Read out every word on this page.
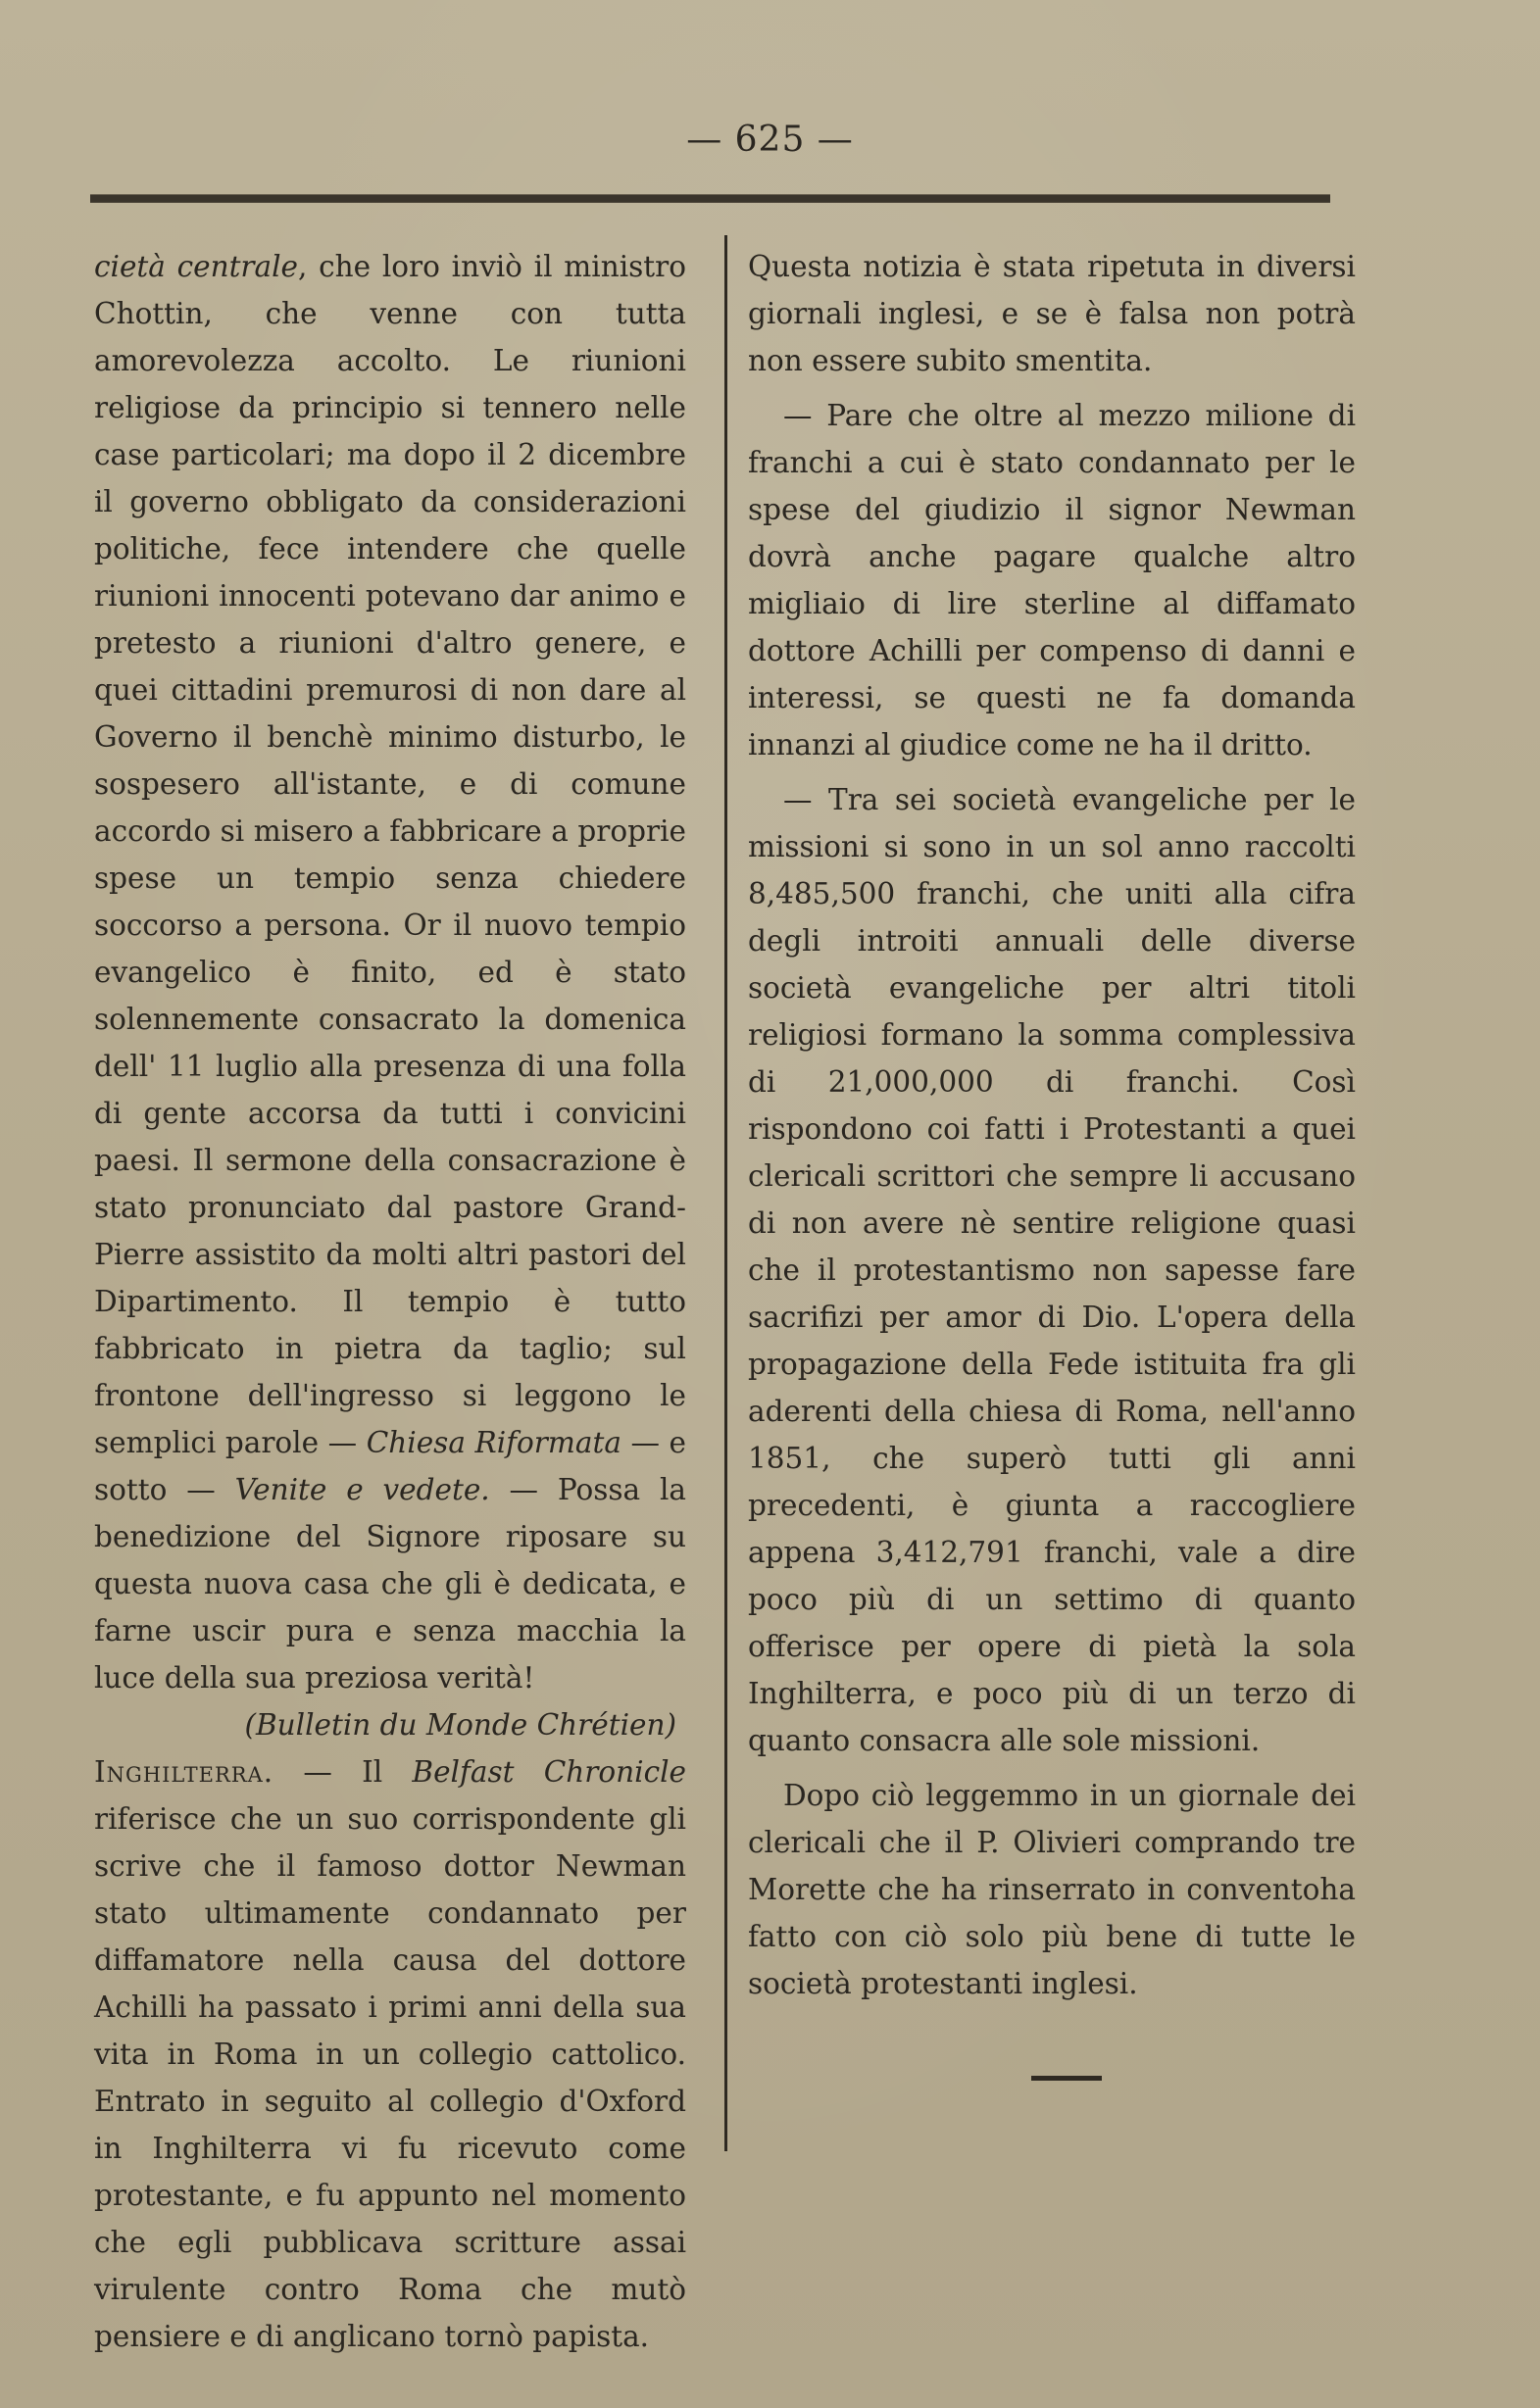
— 625 —

cietà centrale, che loro inviò il ministro Chottin, che venne con tutta amorevolezza accolto. Le riunioni religiose da principio si tennero nelle case particolari; ma dopo il 2 dicembre il governo obbligato da considerazioni politiche, fece intendere che quelle riunioni innocenti potevano dar animo e pretesto a riunioni d'altro genere, e quei cittadini premurosi di non dare al Governo il benchè minimo disturbo, le sospesero all'istante, e di comune accordo si misero a fabbricare a proprie spese un tempio senza chiedere soccorso a persona. Or il nuovo tempio evangelico è finito, ed è stato solennemente consacrato la domenica dell' 11 luglio alla presenza di una folla di gente accorsa da tutti i convicini paesi. Il sermone della consacrazione è stato pronunciato dal pastore Grand-Pierre assistito da molti altri pastori del Dipartimento. Il tempio è tutto fabbricato in pietra da taglio; sul frontone dell'ingresso si leggono le semplici parole — Chiesa Riformata — e sotto — Venite e vedete. — Possa la benedizione del Signore riposare su questa nuova casa che gli è dedicata, e farne uscir pura e senza macchia la luce della sua preziosa verità!

(Bulletin du Monde Chrétien)

Inghilterra. — Il Belfast Chronicle riferisce che un suo corrispondente gli scrive che il famoso dottor Newman stato ultimamente condannato per diffamatore nella causa del dottore Achilli ha passato i primi anni della sua vita in Roma in un collegio cattolico. Entrato in seguito al collegio d'Oxford in Inghilterra vi fu ricevuto come protestante, e fu appunto nel momento che egli pubblicava scritture assai virulente contro Roma che mutò pensiere e di anglicano tornò papista.

Questa notizia è stata ripetuta in diversi giornali inglesi, e se è falsa non potrà non essere subito smentita.

— Pare che oltre al mezzo milione di franchi a cui è stato condannato per le spese del giudizio il signor Newman dovrà anche pagare qualche altro migliaio di lire sterline al diffamato dottore Achilli per compenso di danni e interessi, se questi ne fa domanda innanzi al giudice come ne ha il dritto.

— Tra sei società evangeliche per le missioni si sono in un sol anno raccolti 8,485,500 franchi, che uniti alla cifra degli introiti annuali delle diverse società evangeliche per altri titoli religiosi formano la somma complessiva di 21,000,000 di franchi. Così rispondono coi fatti i Protestanti a quei clericali scrittori che sempre li accusano di non avere nè sentire religione quasi che il protestantismo non sapesse fare sacrifizi per amor di Dio. L'opera della propagazione della Fede istituita fra gli aderenti della chiesa di Roma, nell'anno 1851, che superò tutti gli anni precedenti, è giunta a raccogliere appena 3,412,791 franchi, vale a dire poco più di un settimo di quanto offerisce per opere di pietà la sola Inghilterra, e poco più di un terzo di quanto consacra alle sole missioni.

Dopo ciò leggemmo in un giornale dei clericali che il P. Olivieri comprando tre Morette che ha rinserrato in conventoha fatto con ciò solo più bene di tutte le società protestanti inglesi.
